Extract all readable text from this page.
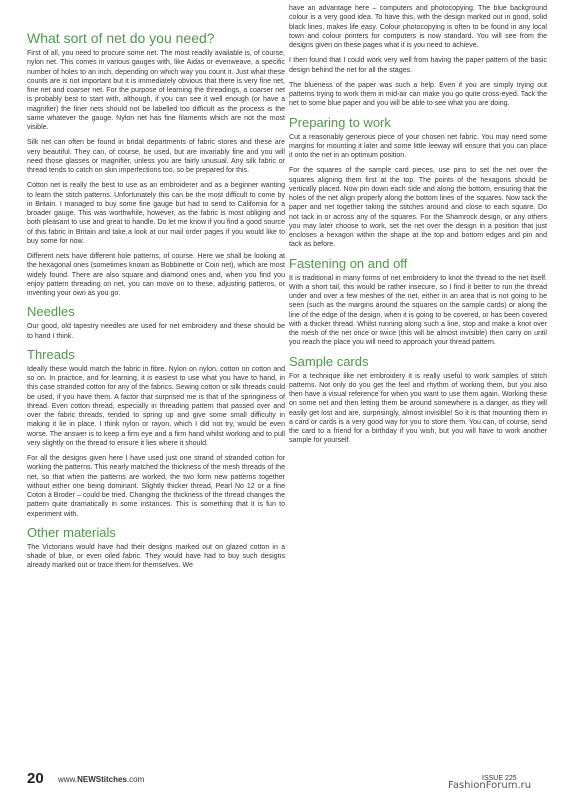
What sort of net do you need?

First of all, you need to procure some net. The most readily available is, of course, nylon net. This comes in various gauges with, like Aidas or evenweave, a specific number of holes to an inch, depending on which way you count it. Just what these counts are is not important but it is immediately obvious that there is very fine net, fine net and coarser net. For the purpose of learning the threadings, a coarser net is probably best to start with, although, if you can see it well enough (or have a magnifier) the finer nets should not be labelled too difficult as the process is the same whatever the gauge. Nylon net has fine filaments which are not the most visible.

Silk net can often be found in bridal departments of fabric stores and these are very beautiful. They can, of course, be used, but are invariably fine and you will need those glasses or magnifier, unless you are fairly unusual. Any silk fabric or thread tends to catch on skin imperfections too, so be prepared for this.

Cotton net is really the best to use as an embroiderer and as a beginner wanting to learn the stitch patterns. Unfortunately this can be the most difficult to come by in Britain. I managed to buy some fine gauge but had to send to California for a broader gauge. This was worthwhile, however, as the fabric is most obliging and both pleasant to use and great to handle. Do let me know if you find a good source of this fabric in Britain and take a look at our mail order pages if you would like to buy some for now.

Different nets have different hole patterns, of course. Here we shall be looking at the hexagonal ones (sometimes known as Bobbinette or Coin net), which are most widely found. There are also square and diamond ones and, when you find you enjoy pattern threading on net, you can move on to these, adjusting patterns, or inventing your own as you go.

Needles

Our good, old tapestry needles are used for net embroidery and these should be to hand I think.

Threads

Ideally these would match the fabric in fibre. Nylon on nylon, cotton on cotton and so on. In practice, and for learning, it is easiest to use what you have to hand, in this case stranded cotton for any of the fabrics. Sewing cotton or silk threads could be used, if you have them. A factor that surprised me is that of the springiness of thread. Even cotton thread, especially in threading pattern that passed over and over the fabric threads, tended to spring up and give some small difficulty in making it lie in place. I think nylon or rayon, which I did not try, would be even worse. The answer is to keep a firm eye and a firm hand whilst working and to pull very slightly on the thread to ensure it lies where it should.

For all the designs given here I have used just one strand of stranded cotton for working the patterns. This nearly matched the thickness of the mesh threads of the net, so that when the patterns are worked, the two form new patterns together without either one being dominant. Slightly thicker thread, Pearl No 12 or a fine Coton à Broder – could be tried. Changing the thickness of the thread changes the pattern quite dramatically in some instances. This is something that it is fun to experiment with.

Other materials

The Victorians would have had their designs marked out on glazed cotton in a shade of blue, or even oiled fabric. They would have had to buy such designs already marked out or trace them for themselves. We

have an advantage here – computers and photocopying. The blue background colour is a very good idea. To have this, with the design marked out in good, solid black lines, makes life easy. Colour photocopying is often to be found in any local town and colour printers for computers is now standard. You will see from the designs given on these pages what it is you need to achieve.

I then found that I could work very well from having the paper pattern of the basic design behind the net for all the stages.

The blueness of the paper was such a help. Even if you are simply trying out patterns trying to work them in mid-air can make you go quite cross-eyed. Tack the net to some blue paper and you will be able to see what you are doing.

Preparing to work

Cut a reasonably generous piece of your chosen net fabric. You may need some margins for mounting it later and some little leeway will ensure that you can place it onto the net in an optimum position.

For the squares of the sample card pieces, use pins to set the net over the squares aligning them first at the top. The points of the hexagons should be vertically placed. Now pin down each side and along the bottom, ensuring that the holes of the net align properly along the bottom lines of the squares. Now tack the paper and net together taking the stitches around and close to each square. Do not tack in or across any of the squares. For the Shamrock design, or any others you may later choose to work, set the net over the design in a position that just encloses a hexagon within the shape at the top and bottom edges and pin and tack as before.

Fastening on and off

It is traditional in many forms of net embroidery to knot the thread to the net itself. With a short tail, this would be rather insecure, so I find it better to run the thread under and over a few meshes of the net, either in an area that is not going to be seen (such as the margins around the squares on the sample cards) or along the line of the edge of the design, when it is going to be covered, or has been covered with a thicker thread. Whilst running along such a line, stop and make a knot over the mesh of the net once or twice (this will be almost invisible) then carry on until you reach the place you will need to approach your thread pattern.

Sample cards

For a technique like net embroidery it is really useful to work samples of stitch patterns. Not only do you get the feel and rhythm of working them, but you also then have a visual reference for when you want to use them again. Working these on some net and then letting them be around somewhere is a danger, as they will easily get lost and are, surprisingly, almost invisible! So it is that mounting them in a card or cards is a very good way for you to store them. You can, of course, send the card to a friend for a birthday if you wish, but you will have to work another sample for yourself.

20 www.NEWStitches.com	ISSUE 225
FashionForum.ru
